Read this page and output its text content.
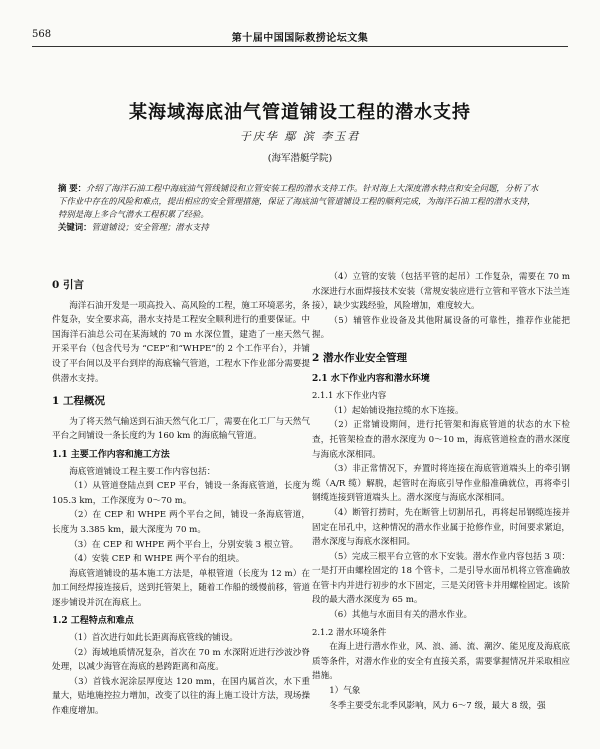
568	第十届中国国际救捞论坛文集
某海域海底油气管道铺设工程的潜水支持
于庆华 鄢 滨 李玉君
(海军潜艇学院)
摘 要：介绍了海洋石油工程中海底油气管线铺设和立管安装工程的潜水支持工作。针对海上大深度潜水特点和安全问题，分析了水下作业中存在的风险和难点，提出相应的安全管理措施，保证了海底油气管道铺设工程的顺利完成，为海洋石油工程的潜水支持，特别是海上多合气潜水工程积累了经验。
关键词：管道铺设；安全管理；潜水支持
0 引言

海洋石油开发是一项高投入、高风险的工程，施工环境恶劣，条件复杂，安全要求高，潜水支持是工程安全顺利进行的重要保证。中国海洋石油总公司在某海域的 70 m 水深位置，建造了一座天然气开采平台（包含代号为 “CEP”和“WHPE”的 2 个工作平台），并铺设了平台间以及平台到岸的海底输气管道，工程水下作业部分需要提供潜水支持。

1 工程概况

为了将天然气输送到石油天然气化工厂，需要在化工厂与天然气平台之间铺设一条长度约为 160 km 的海底输气管道。

1.1 主要工作内容和施工方法

海底管道铺设工程主要工作内容包括：

（1）从管道登陆点到 CEP 平台，铺设一条海底管道，长度为 105.3 km，工作深度为 0～70 m。

（2）在 CEP 和 WHPE 两个平台之间，铺设一条海底管道，长度为 3.385 km，最大深度为 70 m。

（3）在 CEP 和 WHPE 两个平台上，分别安装 3 根立管。

（4）安装 CEP 和 WHPE 两个平台的组块。

海底管道铺设的基本施工方法是，单根管道（长度为 12 m）在加工间经焊接连接后，送到托管架上，随着工作船的缓慢前移，管道逐步铺设并沉在海底上。

1.2 工程特点和难点

（1）首次进行如此长距离海底管线的铺设。

（2）海域地质情况复杂，首次在 70 m 水深附近进行沙波沙脊处理，以减少海管在海底的悬跨距离和高度。

（3）首钱水泥涂层厚度达 120 mm，在国内属首次，水下重量大，贴地施控拉力增加，改变了以往的海上施工设计方法，现场操作难度增加。

（4）立管的安装（包括平管的起吊）工作复杂，需要在 70 m 水深进行水面焊接技术安装（常规安装应进行立管和平管水下法兰连接），缺少实践经验，风险增加，难度较大。

（5）辅管作业设备及其他附属设备的可靠性，推荐作业能把握。

2 潜水作业安全管理
2.1 水下作业内容和潜水环境
2.1.1 水下作业内容

（1）起始铺设拖拉缆的水下连接。

（2）正常铺设期间，进行托管架和海底管道的状态的水下检查，托管架检查的潜水深度为 0～10 m，海底管道检查的潜水深度与海底水深相同。

（3）非正常情况下，弃置时将连接在海底管道端头上的牵引钢缆（A/R 缆）解脱，起管时在海底引导作业船准确就位，再将牵引钢缆连接到管道端头上。潜水深度与海底水深相同。

（4）断管打捞时，先在断管上切割吊孔，再将起吊钢缆连接并固定在吊孔中，这种情况的潜水作业属于抢修作业，时间要求紧迫，潜水深度与海底水深相同。

（5）完成三根平台立管的水下安装。潜水作业内容包括 3 项：一是打开由螺栓固定的 18 个管卡，二是引导水面吊机将立管准确放在管卡内并进行初步的水下固定，三是关闭管卡并用螺栓固定。该阶段的最大潜水深度为 65 m。

（6）其他与水面目有关的潜水作业。

2.1.2 潜水环境条件

在海上进行潜水作业，风、浪、涌、流、潮汐、能见度及海底底质等条件，对潜水作业的安全有直接关系，需要掌握情况并采取相应措施。

1）气象

冬季主要受东北季风影响，风力 6～7 级，最大 8 级，强
